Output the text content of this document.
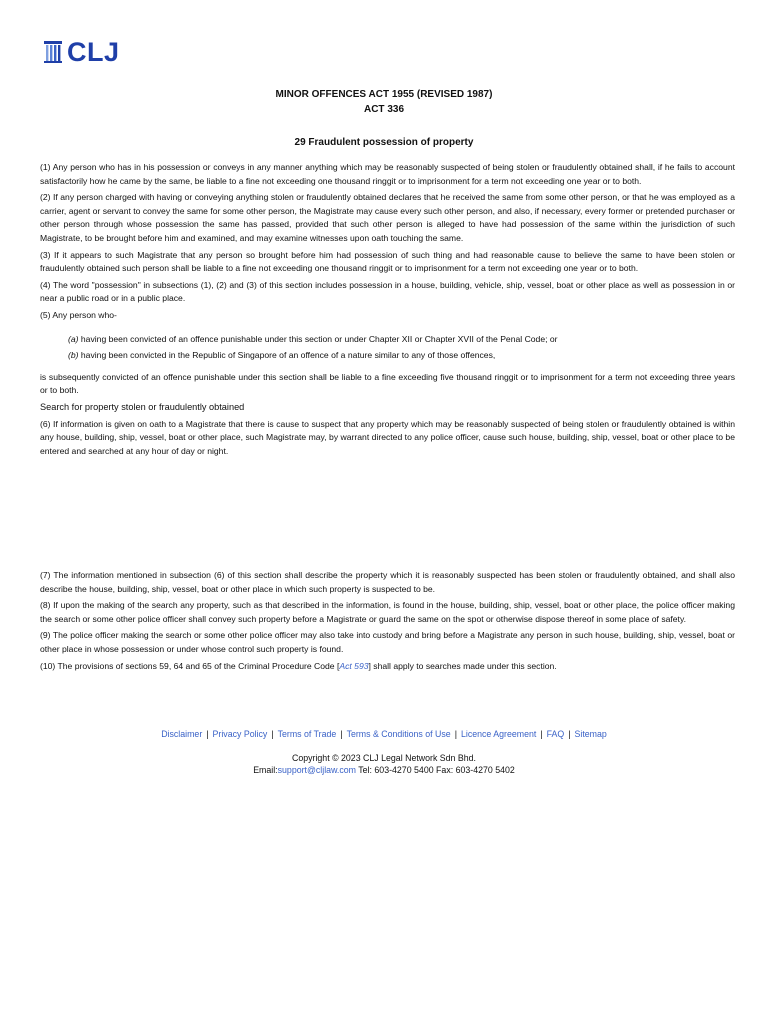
CLJ
MINOR OFFENCES ACT 1955 (REVISED 1987)
ACT 336
29 Fraudulent possession of property

(1) Any person who has in his possession or conveys in any manner anything which may be reasonably suspected of being stolen or fraudulently obtained shall, if he fails to account satisfactorily how he came by the same, be liable to a fine not exceeding one thousand ringgit or to imprisonment for a term not exceeding one year or to both.

(2) If any person charged with having or conveying anything stolen or fraudulently obtained declares that he received the same from some other person, or that he was employed as a carrier, agent or servant to convey the same for some other person, the Magistrate may cause every such other person, and also, if necessary, every former or pretended purchaser or other person through whose possession the same has passed, provided that such other person is alleged to have had possession of the same within the jurisdiction of such Magistrate, to be brought before him and examined, and may examine witnesses upon oath touching the same.

(3) If it appears to such Magistrate that any person so brought before him had possession of such thing and had reasonable cause to believe the same to have been stolen or fraudulently obtained such person shall be liable to a fine not exceeding one thousand ringgit or to imprisonment for a term not exceeding one year or to both.

(4) The word "possession" in subsections (1), (2) and (3) of this section includes possession in a house, building, vehicle, ship, vessel, boat or other place as well as possession in or near a public road or in a public place.

(5) Any person who-

(a) having been convicted of an offence punishable under this section or under Chapter XII or Chapter XVII of the Penal Code; or

(b) having been convicted in the Republic of Singapore of an offence of a nature similar to any of those offences,

is subsequently convicted of an offence punishable under this section shall be liable to a fine exceeding five thousand ringgit or to imprisonment for a term not exceeding three years or to both.

Search for property stolen or fraudulently obtained

(6) If information is given on oath to a Magistrate that there is cause to suspect that any property which may be reasonably suspected of being stolen or fraudulently obtained is within any house, building, ship, vessel, boat or other place, such Magistrate may, by warrant directed to any police officer, cause such house, building, ship, vessel, boat or other place to be entered and searched at any hour of day or night.

(7) The information mentioned in subsection (6) of this section shall describe the property which it is reasonably suspected has been stolen or fraudulently obtained, and shall also describe the house, building, ship, vessel, boat or other place in which such property is suspected to be.

(8) If upon the making of the search any property, such as that described in the information, is found in the house, building, ship, vessel, boat or other place, the police officer making the search or some other police officer shall convey such property before a Magistrate or guard the same on the spot or otherwise dispose thereof in some place of safety.

(9) The police officer making the search or some other police officer may also take into custody and bring before a Magistrate any person in such house, building, ship, vessel, boat or other place in whose possession or under whose control such property is found.

(10) The provisions of sections 59, 64 and 65 of the Criminal Procedure Code [Act 593] shall apply to searches made under this section.

Disclaimer | Privacy Policy | Terms of Trade | Terms & Conditions of Use | Licence Agreement | FAQ | Sitemap
Copyright © 2023 CLJ Legal Network Sdn Bhd.
Email:support@cljlaw.com Tel: 603-4270 5400 Fax: 603-4270 5402
